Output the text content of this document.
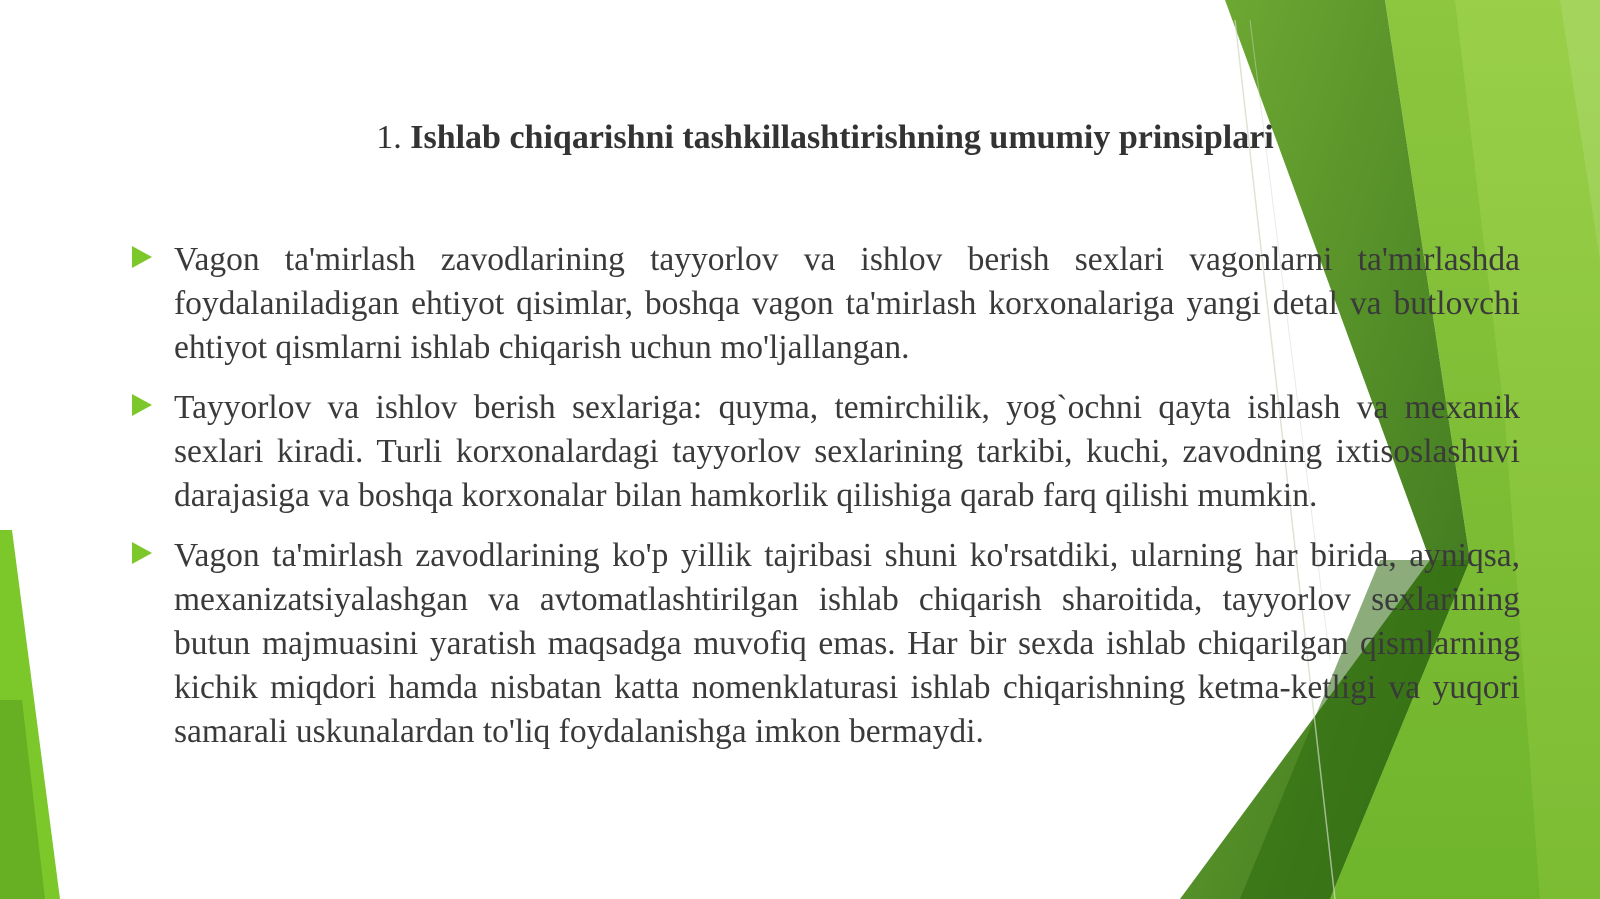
1. Ishlab chiqarishni tashkillashtirishning umumiy prinsiplari
Vagon ta'mirlash zavodlarining tayyorlov va ishlov berish sexlari vagonlarni ta'mirlashda foydalaniladigan ehtiyot qisimlar, boshqa vagon ta'mirlash korxonalariga yangi detal va butlovchi ehtiyot qismlarni ishlab chiqarish uchun mo'ljallangan.
Tayyorlov va ishlov berish sexlariga: quyma, temirchilik, yog`ochni qayta ishlash va mexanik sexlari kiradi. Turli korxonalardagi tayyorlov sexlarining tarkibi, kuchi, zavodning ixtisoslashuvi darajasiga va boshqa korxonalar bilan hamkorlik qilishiga qarab farq qilishi mumkin.
Vagon ta'mirlash zavodlarining ko'p yillik tajribasi shuni ko'rsatdiki, ularning har birida, ayniqsa, mexanizatsiyalashgan va avtomatlashtirilgan ishlab chiqarish sharoitida, tayyorlov sexlarining butun majmuasini yaratish maqsadga muvofiq emas. Har bir sexda ishlab chiqarilgan qismlarning kichik miqdori hamda nisbatan katta nomenklaturasi ishlab chiqarishning ketma-ketligi va yuqori samarali uskunalardan to'liq foydalanishga imkon bermaydi.
